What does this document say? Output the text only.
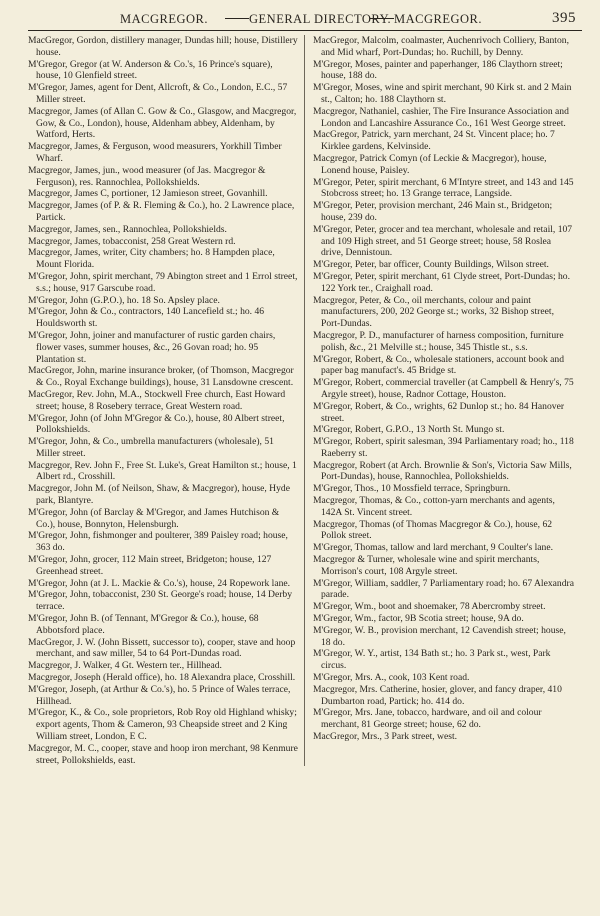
MACGREGOR.	GENERAL DIRECTORY. MACGREGOR.	395

MacGregor, Gordon, distillery manager, Dundas hill; house, Distillery house.

M'Gregor, Gregor (at W. Anderson & Co.'s, 16 Prince's square), house, 10 Glenfield street.

M'Gregor, James, agent for Dent, Allcroft, & Co., London, E.C., 57 Miller street.

Macgregor, James (of Allan C. Gow & Co., Glasgow, and Macgregor, Gow, & Co., London), house, Aldenham abbey, Aldenham, by Watford, Herts.

Macgregor, James, & Ferguson, wood measurers, Yorkhill Timber Wharf.

Macgregor, James, jun., wood measurer (of Jas. Macgregor & Ferguson), res. Rannochlea, Pollokshields.

Macgregor, James C, portioner, 12 Jamieson street, Govanhill.

Macgregor, James (of P. & R. Fleming & Co.), ho. 2 Lawrence place, Partick.

Macgregor, James, sen., Rannochlea, Pollokshields.

Macgregor, James, tobacconist, 258 Great Western rd.

Macgregor, James, writer, City chambers; ho. 8 Hampden place, Mount Florida.

M'Gregor, John, spirit merchant, 79 Abington street and 1 Errol street, s.s.; house, 917 Garscube road.

M'Gregor, John (G.P.O.), ho. 18 So. Apsley place.

M'Gregor, John & Co., contractors, 140 Lancefield st.; ho. 46 Houldsworth st.

M'Gregor, John, joiner and manufacturer of rustic garden chairs, flower vases, summer houses, &c., 26 Govan road; ho. 95 Plantation st.

MacGregor, John, marine insurance broker, (of Thomson, Macgregor & Co., Royal Exchange buildings), house, 31 Lansdowne crescent.

MacGregor, Rev. John, M.A., Stockwell Free church, East Howard street; house, 8 Rosebery terrace, Great Western road.

M'Gregor, John (of John M'Gregor & Co.), house, 80 Albert street, Pollokshields.

M'Gregor, John, & Co., umbrella manufacturers (wholesale), 51 Miller street.

Macgregor, Rev. John F., Free St. Luke's, Great Hamilton st.; house, 1 Albert rd., Crosshill.

Macgregor, John M. (of Neilson, Shaw, & Macgregor), house, Hyde park, Blantyre.

M'Gregor, John (of Barclay & M'Gregor, and James Hutchison & Co.), house, Bonnyton, Helensburgh.

M'Gregor, John, fishmonger and poulterer, 389 Paisley road; house, 363 do.

M'Gregor, John, grocer, 112 Main street, Bridgeton; house, 127 Greenhead street.

M'Gregor, John (at J. L. Mackie & Co.'s), house, 24 Ropework lane.

M'Gregor, John, tobacconist, 230 St. George's road; house, 14 Derby terrace.

M'Gregor, John B. (of Tennant, M'Gregor & Co.), house, 68 Abbotsford place.

MacGregor, J. W. (John Bissett, successor to), cooper, stave and hoop merchant, and saw miller, 54 to 64 Port-Dundas road.

Macgregor, J. Walker, 4 Gt. Western ter., Hillhead.

Macgregor, Joseph (Herald office), ho. 18 Alexandra place, Crosshill.

M'Gregor, Joseph, (at Arthur & Co.'s), ho. 5 Prince of Wales terrace, Hillhead.

M'Gregor, K., & Co., sole proprietors, Rob Roy old Highland whisky; export agents, Thom & Cameron, 93 Cheapside street and 2 King William street, London, E C.

Macgregor, M. C., cooper, stave and hoop iron merchant, 98 Kenmure street, Pollokshields, east.

MacGregor, Malcolm, coalmaster, Auchenrivoch Colliery, Banton, and Mid wharf, Port-Dundas; ho. Ruchill, by Denny.

M'Gregor, Moses, painter and paperhanger, 186 Claythorn street; house, 188 do.

M'Gregor, Moses, wine and spirit merchant, 90 Kirk st. and 2 Main st., Calton; ho. 188 Claythorn st.

Macgregor, Nathaniel, cashier, The Fire Insurance Association and London and Lancashire Assurance Co., 161 West George street.

MacGregor, Patrick, yarn merchant, 24 St. Vincent place; ho. 7 Kirklee gardens, Kelvinside.

Macgregor, Patrick Comyn (of Leckie & Macgregor), house, Lonend house, Paisley.

M'Gregor, Peter, spirit merchant, 6 M'Intyre street, and 143 and 145 Stobcross street; ho. 13 Grange terrace, Langside.

M'Gregor, Peter, provision merchant, 246 Main st., Bridgeton; house, 239 do.

M'Gregor, Peter, grocer and tea merchant, wholesale and retail, 107 and 109 High street, and 51 George street; house, 58 Roslea drive, Dennistoun.

M'Gregor, Peter, bar officer, County Buildings, Wilson street.

M'Gregor, Peter, spirit merchant, 61 Clyde street, Port-Dundas; ho. 122 York ter., Craighall road.

Macgregor, Peter, & Co., oil merchants, colour and paint manufacturers, 200, 202 George st.; works, 32 Bishop street, Port-Dundas.

Macgregor, P. D., manufacturer of harness composition, furniture polish, &c., 21 Melville st.; house, 345 Thistle st., s.s.

M'Gregor, Robert, & Co., wholesale stationers, account book and paper bag manufact's. 45 Bridge st.

M'Gregor, Robert, commercial traveller (at Campbell & Henry's, 75 Argyle street), house, Radnor Cottage, Houston.

M'Gregor, Robert, & Co., wrights, 62 Dunlop st.; ho. 84 Hanover street.

M'Gregor, Robert, G.P.O., 13 North St. Mungo st.

M'Gregor, Robert, spirit salesman, 394 Parliamentary road; ho., 118 Raeberry st.

Macgregor, Robert (at Arch. Brownlie & Son's, Victoria Saw Mills, Port-Dundas), house, Rannochlea, Pollokshields.

M'Gregor, Thos., 10 Mossfield terrace, Springburn.

Macgregor, Thomas, & Co., cotton-yarn merchants and agents, 142A St. Vincent street.

Macgregor, Thomas (of Thomas Macgregor & Co.), house, 62 Pollok street.

M'Gregor, Thomas, tallow and lard merchant, 9 Coulter's lane.

Macgregor & Turner, wholesale wine and spirit merchants, Morrison's court, 108 Argyle street.

M'Gregor, William, saddler, 7 Parliamentary road; ho. 67 Alexandra parade.

M'Gregor, Wm., boot and shoemaker, 78 Abercromby street.

M'Gregor, Wm., factor, 9B Scotia street; house, 9A do.

M'Gregor, W. B., provision merchant, 12 Cavendish street; house, 18 do.

M'Gregor, W. Y., artist, 134 Bath st.; ho. 3 Park st., west, Park circus.

M'Gregor, Mrs. A., cook, 103 Kent road.

Macgregor, Mrs. Catherine, hosier, glover, and fancy draper, 410 Dumbarton road, Partick; ho. 414 do.

M'Gregor, Mrs. Jane, tobacco, hardware, and oil and colour merchant, 81 George street; house, 62 do.

MacGregor, Mrs., 3 Park street, west.
